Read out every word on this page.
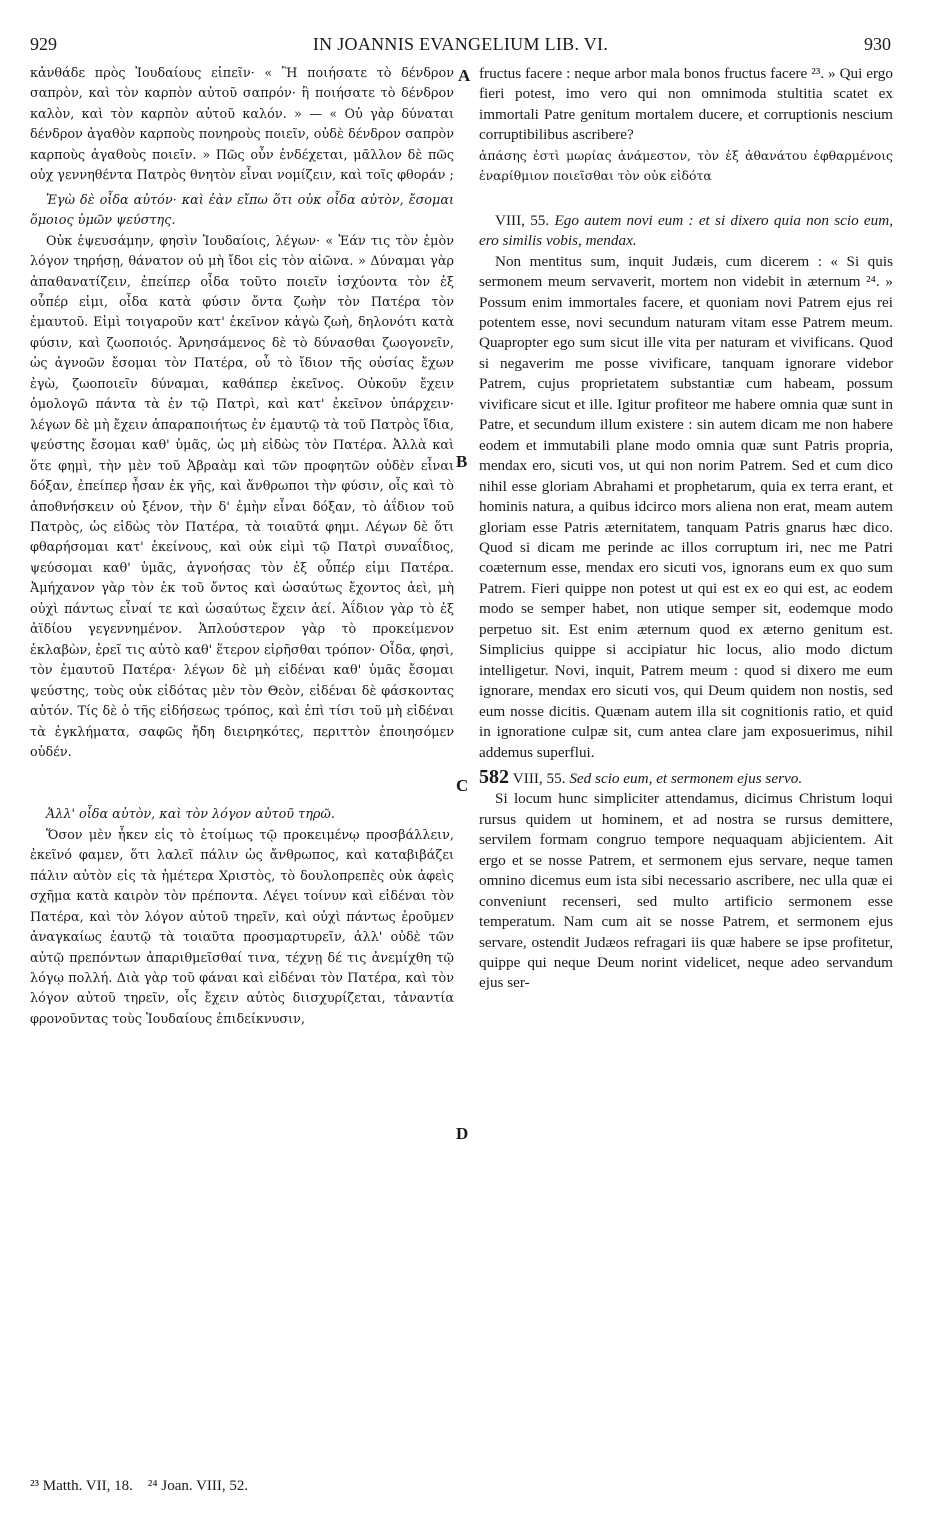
929	IN JOANNIS EVANGELIUM LIB. VI.	930
A
B
C
D

κἀνθάδε πρὸς Ἰουδαίους εἰπεῖν· « Ἢ ποιήσατε τὸ δένδρον σαπρὸν, καὶ τὸν καρπὸν αὐτοῦ σαπρόν· ἢ ποιήσατε τὸ δένδρον καλὸν, καὶ τὸν καρπὸν αὐτοῦ καλόν. » — « Οὐ γὰρ δύναται δένδρον ἀγαθὸν καρποὺς πονηροὺς ποιεῖν, οὐδὲ δένδρον σαπρὸν καρποὺς ἀγαθοὺς ποιεῖν. » Πῶς οὖν ἐνδέχεται, μᾶλλον δὲ πῶς οὐχ γεννηθέντα Πατρὸς θνητὸν εἶναι νομίζειν, καὶ τοῖς φθοράν ;

Ἐγὼ δὲ οἶδα αὐτόν· καὶ ἐὰν εἴπω ὅτι οὐκ οἶδα αὐτὸν, ἔσομαι ὅμοιος ὑμῶν ψεύστης.

Οὐκ ἐψευσάμην, φησὶν Ἰουδαίοις, λέγων· « Ἐάν τις τὸν ἐμὸν λόγον τηρήσῃ, θάνατον οὐ μὴ ἴδοι εἰς τὸν αἰῶνα. » Δύναμαι γὰρ ἀπαθανατίζειν, ἐπείπερ οἶδα τοῦτο ποιεῖν ἰσχύοντα τὸν ἐξ οὗπέρ εἰμι, οἶδα κατὰ φύσιν ὄντα ζωὴν τὸν Πατέρα τὸν ἐμαυτοῦ. Εἰμὶ τοιγαροῦν κατ' ἐκεῖνον κἀγὼ ζωὴ, δηλονότι κατὰ φύσιν, καὶ ζωοποιός. Ἀρνησάμενος δὲ τὸ δύνασθαι ζωογονεῖν, ὡς ἀγνοῶν ἔσομαι τὸν Πατέρα, οὗ τὸ ἴδιον τῆς οὐσίας ἔχων ἐγὼ, ζωοποιεῖν δύναμαι, καθάπερ ἐκεῖνος. Οὐκοῦν ἔχειν ὁμολογῶ πάντα τὰ ἐν τῷ Πατρὶ, καὶ κατ' ἐκεῖνον ὑπάρχειν· λέγων δὲ μὴ ἔχειν ἀπαραποιήτως ἐν ἐμαυτῷ τὰ τοῦ Πατρὸς ἴδια, ψεύστης ἔσομαι καθ' ὑμᾶς, ὡς μὴ εἰδὼς τὸν Πατέρα. Ἀλλὰ καὶ ὅτε φημὶ, τὴν μὲν τοῦ Ἀβραὰμ καὶ τῶν προφητῶν οὐδὲν εἶναι δόξαν, ἐπείπερ ἦσαν ἐκ γῆς, καὶ ἄνθρωποι τὴν φύσιν, οἷς καὶ τὸ ἀποθνήσκειν οὐ ξένον, τὴν δ' ἐμὴν εἶναι δόξαν, τὸ ἀΐδιον τοῦ Πατρὸς, ὡς εἰδὼς τὸν Πατέρα, τὰ τοιαῦτά φημι. Λέγων δὲ ὅτι φθαρήσομαι κατ' ἐκείνους, καὶ οὐκ εἰμὶ τῷ Πατρὶ συναΐδιος, ψεύσομαι καθ' ὑμᾶς, ἀγνοήσας τὸν ἐξ οὗπέρ εἰμι Πατέρα. Ἀμήχανον γὰρ τὸν ἐκ τοῦ ὄντος καὶ ὡσαύτως ἔχοντος ἀεὶ, μὴ οὐχὶ πάντως εἶναί τε καὶ ὡσαύτως ἔχειν ἀεί. Ἀΐδιον γὰρ τὸ ἐξ ἀϊδίου γεγεννημένον. Ἁπλούστερον γὰρ τὸ προκείμενον ἐκλαβὼν, ἐρεῖ τις αὐτὸ καθ' ἕτερον εἰρῆσθαι τρόπον· Οἶδα, φησὶ, τὸν ἐμαυτοῦ Πατέρα· λέγων δὲ μὴ εἰδέναι καθ' ὑμᾶς ἔσομαι ψεύστης, τοὺς οὐκ εἰδότας μὲν τὸν Θεὸν, εἰδέναι δὲ φάσκοντας αὐτόν. Τίς δὲ ὁ τῆς εἰδήσεως τρόπος, καὶ ἐπὶ τίσι τοῦ μὴ εἰδέναι τὰ ἐγκλήματα, σαφῶς ἤδη διειρηκότες, περιττὸν ἐποιησόμεν οὐδέν.

Ἀλλ' οἶδα αὐτὸν, καὶ τὸν λόγον αὐτοῦ τηρῶ.

Ὅσον μὲν ἧκεν εἰς τὸ ἑτοίμως τῷ προκειμένῳ προσβάλλειν, ἐκεῖνό φαμεν, ὅτι λαλεῖ πάλιν ὡς ἄνθρωπος, καὶ καταβιβάζει πάλιν αὐτὸν εἰς τὰ ἡμέτερα Χριστὸς, τὸ δουλοπρεπὲς οὐκ ἀφεὶς σχῆμα κατὰ καιρὸν τὸν πρέποντα. Λέγει τοίνυν καὶ εἰδέναι τὸν Πατέρα, καὶ τὸν λόγον αὐτοῦ τηρεῖν, καὶ οὐχὶ πάντως ἐροῦμεν ἀναγκαίως ἑαυτῷ τὰ τοιαῦτα προσμαρτυρεῖν, ἀλλ' οὐδὲ τῶν αὐτῷ πρεπόντων ἀπαριθμεῖσθαί τινα, τέχνῃ δέ τις ἀνεμίχθη τῷ λόγῳ πολλή. Διὰ γὰρ τοῦ φάναι καὶ εἰδέναι τὸν Πατέρα, καὶ τὸν λόγον αὐτοῦ τηρεῖν, οἷς ἔχειν αὐτὸς διισχυρίζεται, τἀναντία φρονοῦντας τοὺς Ἰουδαίους ἐπιδείκνυσιν,

fructus facere : neque arbor mala bonos fructus facere ²³. » Qui ergo fieri potest, imo vero qui non omnimoda stultitia scatet ex immortali Patre genitum mortalem ducere, et corruptionis nescium corruptibilibus ascribere?

ἁπάσης ἐστὶ μωρίας ἀνάμεστον, τὸν ἐξ ἀθανάτου ἐφθαρμένοις ἐναρίθμιον ποιεῖσθαι τὸν οὐκ εἰδότα

VIII, 55. Ego autem novi eum : et si dixero quia non scio eum, ero similis vobis, mendax.

Non mentitus sum, inquit Judæis, cum dicerem : « Si quis sermonem meum servaverit, mortem non videbit in æternum ²⁴. » Possum enim immortales facere, et quoniam novi Patrem ejus rei potentem esse, novi secundum naturam vitam esse Patrem meum. Quapropter ego sum sicut ille vita per naturam et vivificans. Quod si negaverim me posse vivificare, tanquam ignorare videbor Patrem, cujus proprietatem substantiæ cum habeam, possum vivificare sicut et ille. Igitur profiteor me habere omnia quæ sunt in Patre, et secundum illum existere : sin autem dicam me non habere eodem et immutabili plane modo omnia quæ sunt Patris propria, mendax ero, sicuti vos, ut qui non norim Patrem. Sed et cum dico nihil esse gloriam Abrahami et prophetarum, quia ex terra erant, et hominis natura, a quibus idcirco mors aliena non erat, meam autem gloriam esse Patris æternitatem, tanquam Patris gnarus hæc dico. Quod si dicam me perinde ac illos corruptum iri, nec me Patri coæternum esse, mendax ero sicuti vos, ignorans eum ex quo sum Patrem. Fieri quippe non potest ut qui est ex eo qui est, ac eodem modo se semper habet, non utique semper sit, eodemque modo perpetuo sit. Est enim æternum quod ex æterno genitum est. Simplicius quippe si accipiatur hic locus, alio modo dictum intelligetur. Novi, inquit, Patrem meum : quod si dixero me eum ignorare, mendax ero sicuti vos, qui Deum quidem non nostis, sed eum nosse dicitis. Quænam autem illa sit cognitionis ratio, et quid in ignoratione culpæ sit, cum antea clare jam exposuerimus, nihil addemus superflui.

582 VIII, 55. Sed scio eum, et sermonem ejus servo.

Si locum hunc simpliciter attendamus, dicimus Christum loqui rursus quidem ut hominem, et ad nostra se rursus demittere, servilem formam congruo tempore nequaquam abjicientem. Ait ergo et se nosse Patrem, et sermonem ejus servare, neque tamen omnino dicemus eum ista sibi necessario ascribere, nec ulla quæ ei conveniunt recenseri, sed multo artificio sermonem esse temperatum. Nam cum ait se nosse Patrem, et sermonem ejus servare, ostendit Judæos refragari iis quæ habere se ipse profitetur, quippe qui neque Deum norint videlicet, neque adeo servandum ejus ser-

²³ Matth. VII, 18. ²⁴ Joan. VIII, 52.
